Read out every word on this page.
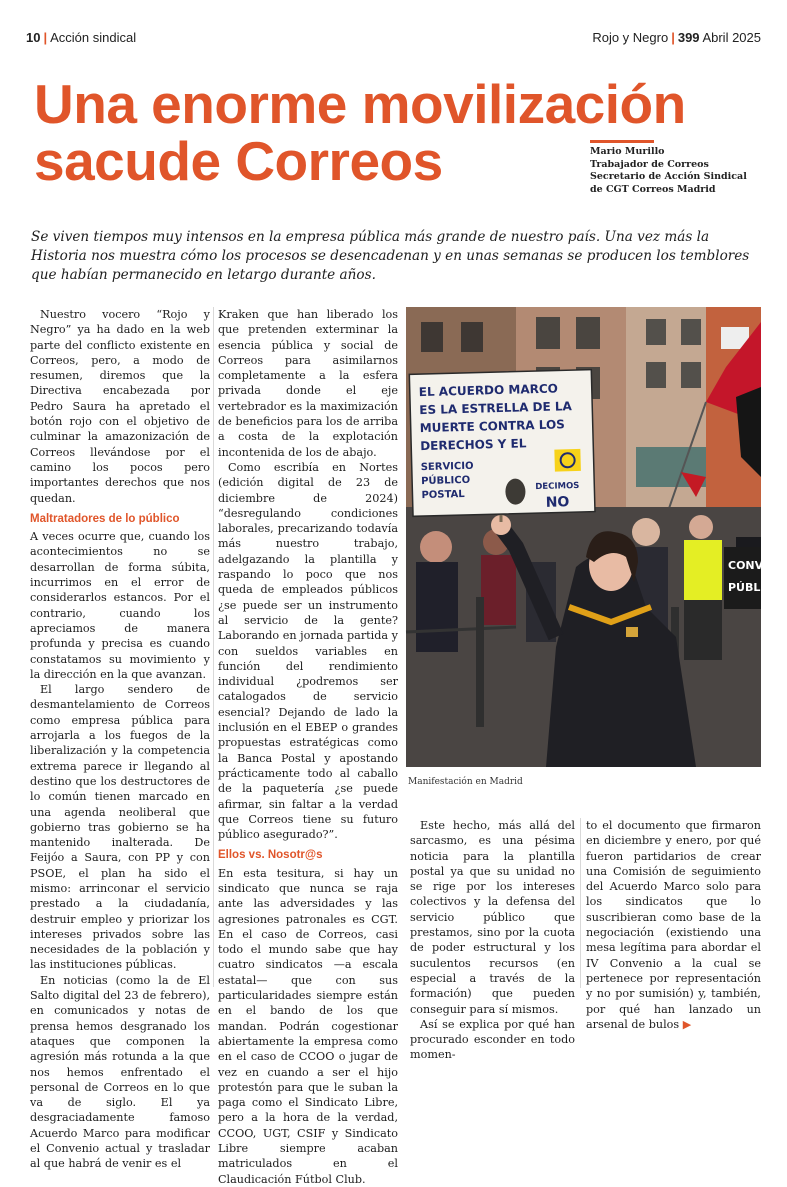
10 | Acción sindical	Rojo y Negro | 399 Abril 2025
Una enorme movilización
sacude Correos	Mario Murillo
Trabajador de Correos
Secretario de Acción Sindical
de CGT Correos Madrid

Se viven tiempos muy intensos en la empresa pública más grande de nuestro país. Una vez más la Historia nos muestra cómo los procesos se desencadenan y en unas semanas se producen los temblores que habían permanecido en letargo durante años.

Nuestro vocero “Rojo y Negro” ya ha dado en la web parte del conflicto existente en Correos, pero, a modo de resumen, diremos que la Directiva encabezada por Pedro Saura ha apretado el botón rojo con el objetivo de culminar la amazonización de Correos llevándose por el camino los pocos pero importantes derechos que nos quedan.

Maltratadores de lo público

A veces ocurre que, cuando los acontecimientos no se desarrollan de forma súbita, incurrimos en el error de considerarlos estancos. Por el contrario, cuando los apreciamos de manera profunda y precisa es cuando constatamos su movimiento y la dirección en la que avanzan.

El largo sendero de desmantelamiento de Correos como empresa pública para arrojarla a los fuegos de la liberalización y la competencia extrema parece ir llegando al destino que los destructores de lo común tienen marcado en una agenda neoliberal que gobierno tras gobierno se ha mantenido inalterada. De Feijóo a Saura, con PP y con PSOE, el plan ha sido el mismo: arrinconar el servicio prestado a la ciudadanía, destruir empleo y priorizar los intereses privados sobre las necesidades de la población y las instituciones públicas.

En noticias (como la de El Salto digital del 23 de febrero), en comunicados y notas de prensa hemos desgranado los ataques que componen la agresión más rotunda a la que nos hemos enfrentado el personal de Correos en lo que va de siglo. El ya desgraciadamente famoso Acuerdo Marco para modificar el Convenio actual y trasladar al que habrá de venir es el

Kraken que han liberado los que pretenden exterminar la esencia pública y social de Correos para asimilarnos completamente a la esfera privada donde el eje vertebrador es la maximización de beneficios para los de arriba a costa de la explotación incontenida de los de abajo.

Como escribía en Nortes (edición digital de 23 de diciembre de 2024) “desregulando condiciones laborales, precarizando todavía más nuestro trabajo, adelgazando la plantilla y raspando lo poco que nos queda de empleados públicos ¿se puede ser un instrumento al servicio de la gente? Laborando en jornada partida y con sueldos variables en función del rendimiento individual ¿podremos ser catalogados de servicio esencial? Dejando de lado la inclusión en el EBEP o grandes propuestas estratégicas como la Banca Postal y apostando prácticamente todo al caballo de la paquetería ¿se puede afirmar, sin faltar a la verdad que Correos tiene su futuro público asegurado?”.

Ellos vs. Nosotr@s

En esta tesitura, si hay un sindicato que nunca se raja ante las adversidades y las agresiones patronales es CGT. En el caso de Correos, casi todo el mundo sabe que hay cuatro sindicatos —a escala estatal— que con sus particularidades siempre están en el bando de los que mandan. Podrán cogestionar abiertamente la empresa como en el caso de CCOO o jugar de vez en cuando a ser el hijo protestón para que le suban la paga como el Sindicato Libre, pero a la hora de la verdad, CCOO, UGT, CSIF y Sindicato Libre siempre acaban matriculados en el Claudicación Fútbol Club.

CONVE
PÚBL
EL ACUERDO MARCO
ES LA ESTRELLA DE LA
MUERTE CONTRA LOS
DERECHOS Y EL
SERVICIO
PÚBLICO
POSTAL
DECIMOS
NO
Manifestación en Madrid

Este hecho, más allá del sarcasmo, es una pésima noticia para la plantilla postal ya que su unidad no se rige por los intereses colectivos y la defensa del servicio público que prestamos, sino por la cuota de poder estructural y los suculentos recursos (en especial a través de la formación) que pueden conseguir para sí mismos.

Así se explica por qué han procurado esconder en todo momen-

to el documento que firmaron en diciembre y enero, por qué fueron partidarios de crear una Comisión de seguimiento del Acuerdo Marco solo para los sindicatos que lo suscribieran como base de la negociación (existiendo una mesa legítima para abordar el IV Convenio a la cual se pertenece por representación y no por sumisión) y, también, por qué han lanzado un arsenal de bulos ▶
